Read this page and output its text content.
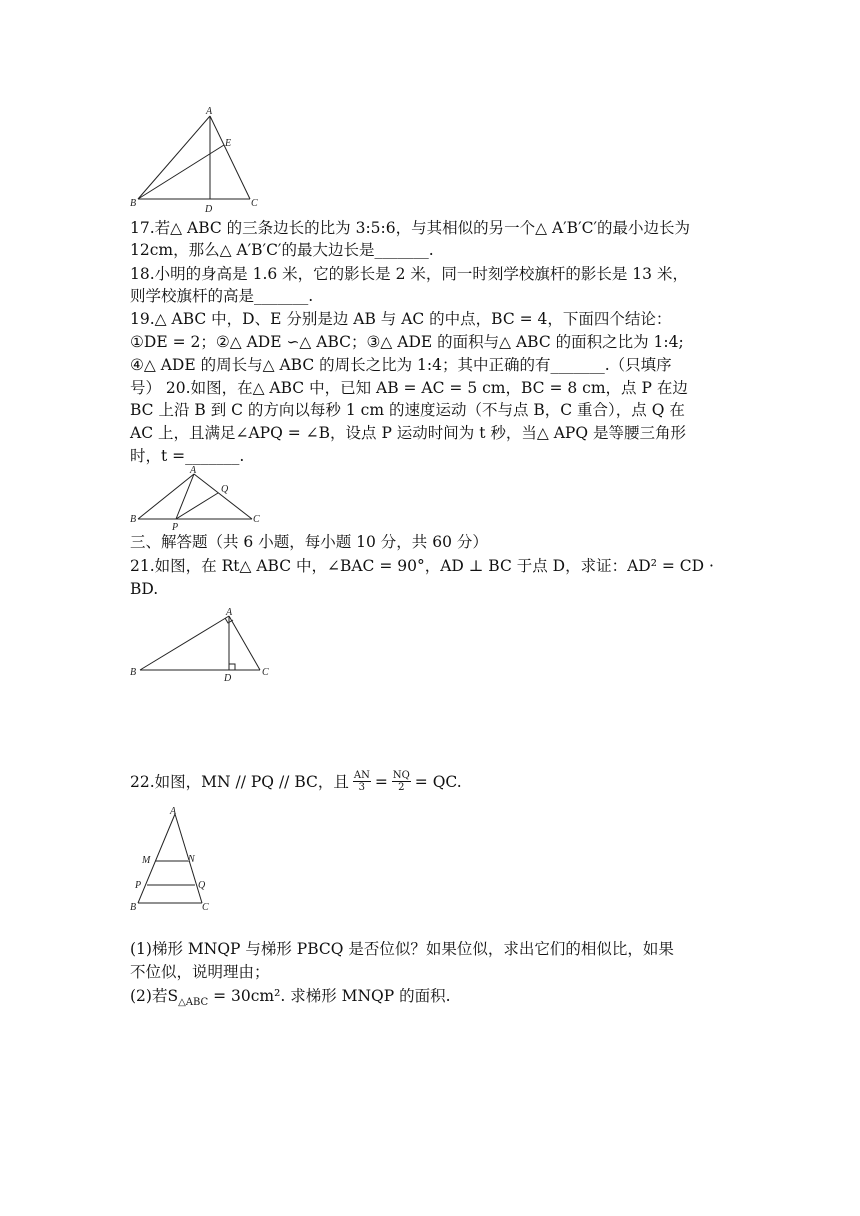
A
E
B
D
C
17.若△ ABC 的三条边长的比为 3:5:6，与其相似的另一个△ A′B′C′的最小边长为
12cm，那么△ A′B′C′的最大边长是_______.
18.小明的身高是 1.6 米，它的影长是 2 米，同一时刻学校旗杆的影长是 13 米，
则学校旗杆的高是_______.
19.△ ABC 中，D、E 分别是边 AB 与 AC 的中点，BC = 4，下面四个结论：
①DE = 2；②△ ADE ∽△ ABC；③△ ADE 的面积与△ ABC 的面积之比为 1:4;
④△ ADE 的周长与△ ABC 的周长之比为 1:4；其中正确的有_______.（只填序
号） 20.如图，在△ ABC 中，已知 AB = AC = 5 cm，BC = 8 cm，点 P 在边
BC 上沿 B 到 C 的方向以每秒 1 cm 的速度运动（不与点 B，C 重合），点 Q 在
AC 上，且满足∠APQ = ∠B，设点 P 运动时间为 t 秒，当△ APQ 是等腰三角形
时，t =_______.
A
Q
B
P
C
三、解答题（共 6 小题，每小题 10 分，共 60 分）
21.如图，在 Rt△ ABC 中，∠BAC = 90°，AD ⊥ BC 于点 D，求证：AD² = CD ·
BD.
A
B
D
C
22.如图，MN // PQ // BC，且 $\frac{AN}{3} = \frac{NQ}{2}$ = QC.
A
M	N
P	Q
B	C
(1)梯形 MNQP 与梯形 PBCQ 是否位似？如果位似，求出它们的相似比，如果
不位似，说明理由；
(2)若$S_{\triangle ABC} = 30cm^2$. 求梯形 MNQP 的面积.
